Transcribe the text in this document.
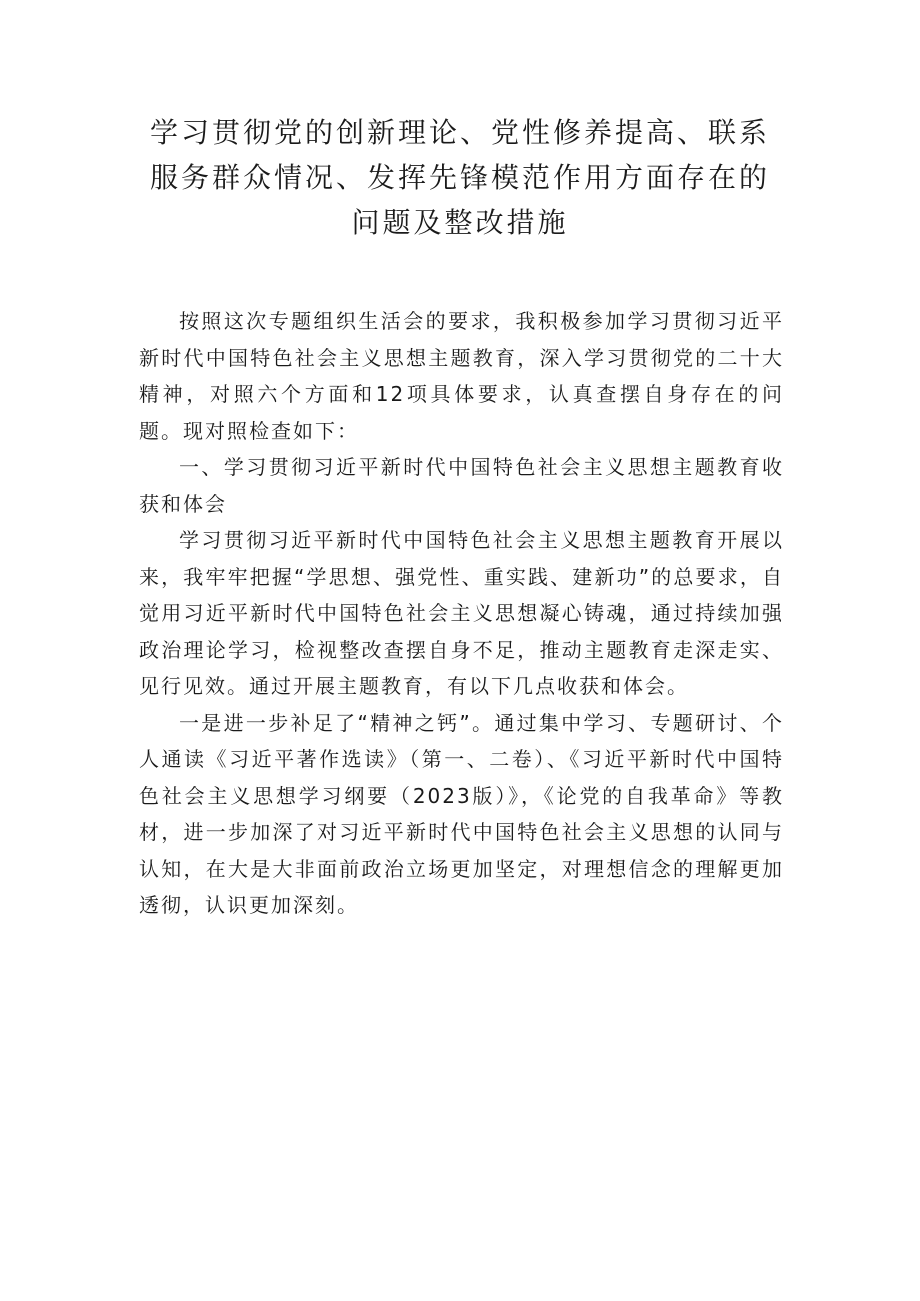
学习贯彻党的创新理论、党性修养提高、联系服务群众情况、发挥先锋模范作用方面存在的问题及整改措施

按照这次专题组织生活会的要求，我积极参加学习贯彻习近平新时代中国特色社会主义思想主题教育，深入学习贯彻党的二十大精神，对照六个方面和12项具体要求，认真查摆自身存在的问题。现对照检查如下：

一、学习贯彻习近平新时代中国特色社会主义思想主题教育收获和体会

学习贯彻习近平新时代中国特色社会主义思想主题教育开展以来，我牢牢把握“学思想、强党性、重实践、建新功”的总要求，自觉用习近平新时代中国特色社会主义思想凝心铸魂，通过持续加强政治理论学习，检视整改查摆自身不足，推动主题教育走深走实、见行见效。通过开展主题教育，有以下几点收获和体会。

一是进一步补足了“精神之钙”。通过集中学习、专题研讨、个人通读《习近平著作选读》（第一、二卷）、《习近平新时代中国特色社会主义思想学习纲要（2023版）》，《论党的自我革命》等教材，进一步加深了对习近平新时代中国特色社会主义思想的认同与认知，在大是大非面前政治立场更加坚定，对理想信念的理解更加透彻，认识更加深刻。
